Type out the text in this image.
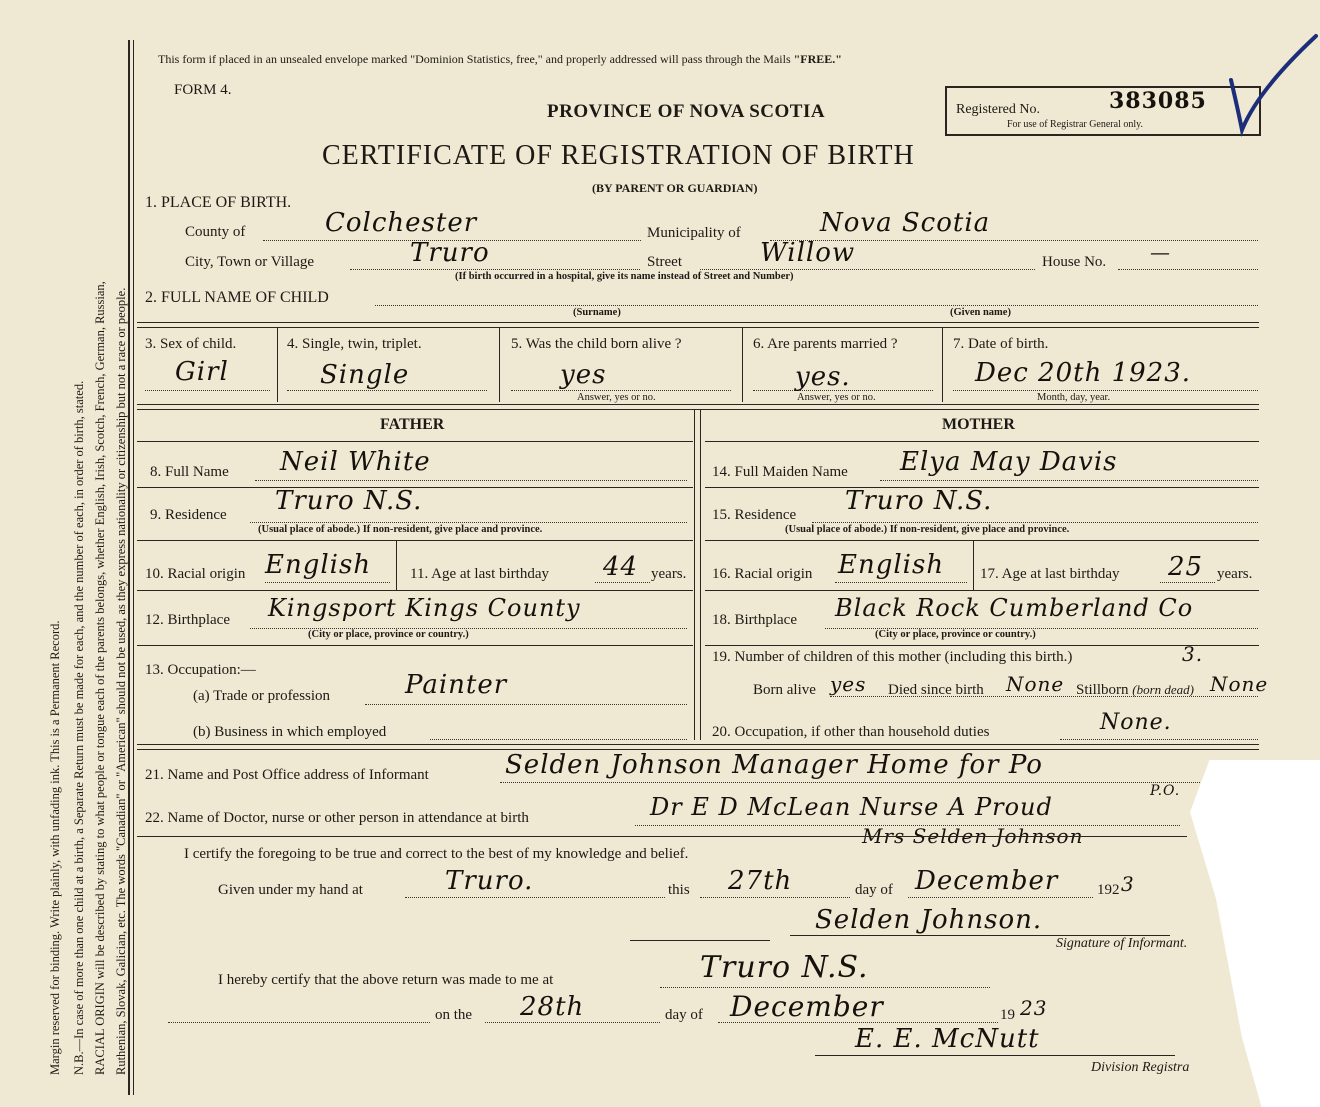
Margin reserved for binding. Write plainly, with unfading ink. This is a Permanent Record. N.B.—In case of more than one child at a birth, a Separate Return must be made for each, and the number of each, in order of birth, stated. RACIAL ORIGIN will be described by stating to what people or tongue each of the parents belongs, whether English, Irish, Scotch, French, German, Russian, Ruthenian, Slovak, Galician, etc. The words "Canadian" or "American" should not be used, as they express nationality or citizenship but not a race or people.
This form if placed in an unsealed envelope marked "Dominion Statistics, free," and properly addressed will pass through the Mails "FREE."
FORM 4.
PROVINCE OF NOVA SCOTIA
CERTIFICATE OF REGISTRATION OF BIRTH
(BY PARENT OR GUARDIAN)
Registered No.	383085
For use of Registrar General only.
1. PLACE OF BIRTH.
County of	Colchester	Municipality of	Nova Scotia
City, Town or Village	Truro	Street	Willow	House No. —
(If birth occurred in a hospital, give its name instead of Street and Number)
2. FULL NAME OF CHILD
(Surname)	(Given name)
3. Sex of child.
Girl
4. Single, twin, triplet.
Single
5. Was the child born alive ?
yes
Answer, yes or no.
6. Are parents married ?
yes.
Answer, yes or no.
7. Date of birth.
Dec 20th 1923.
Month, day, year.
FATHER	MOTHER
8. Full Name Neil White
9. Residence Truro N.S.
(Usual place of abode.) If non-resident, give place and province.
10. Racial origin English	11. Age at last birthday 44 years.
12. Birthplace Kingsport Kings County
(City or place, province or country.)
13. Occupation:—
(a) Trade or profession	Painter
(b) Business in which employed
14. Full Maiden Name Elya May Davis
15. Residence Truro N.S.
(Usual place of abode.) If non-resident, give place and province.
16. Racial origin English 17. Age at last birthday 25 years.
18. Birthplace Black Rock Cumberland Co
(City or place, province or country.)
19. Number of children of this mother (including this birth.)	3.
Born alive yes Died since birth None Stillborn (born dead) None
20. Occupation, if other than household duties	None.
21. Name and Post Office address of Informant	Selden Johnson Manager Home for Po
22. Name of Doctor, nurse or other person in attendance at birth	Dr E D McLean Nurse A Proud
P.O.
Mrs Selden Johnson
I certify the foregoing to be true and correct to the best of my knowledge and belief.
Given under my hand at	Truro.	this 27th	day of December	192 3
Selden Johnson.
Signature of Informant.
I hereby certify that the above return was made to me at	Truro N.S.
on the 28th	day of December	19 23
E. E. McNutt
Division Registra
